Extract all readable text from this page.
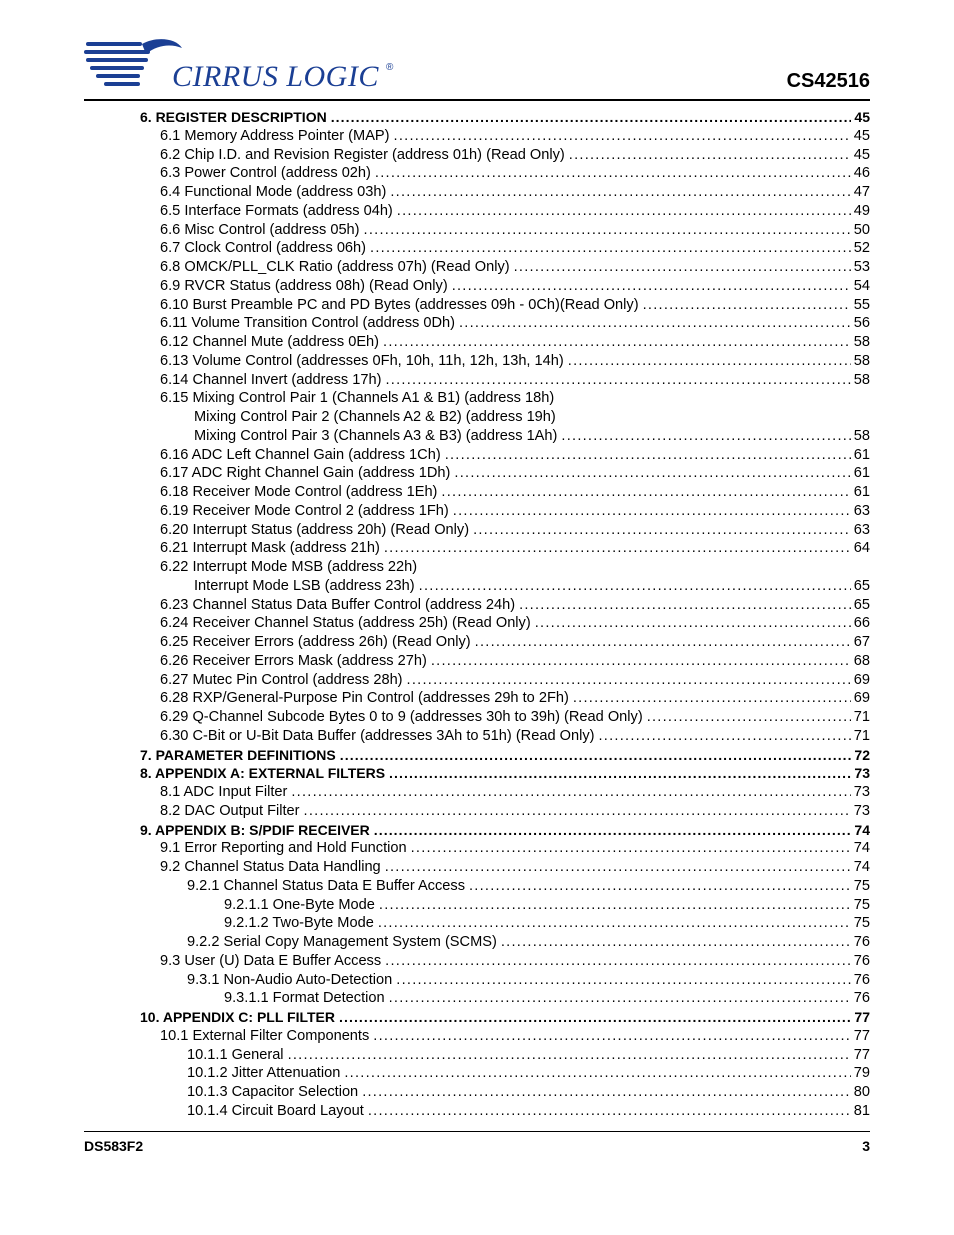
CIRRUS LOGIC ®
CS42516
6. REGISTER DESCRIPTION . . .	45
6.1 Memory Address Pointer (MAP) . . .	45
6.2 Chip I.D. and Revision Register (address 01h) (Read Only) . . .	45
6.3 Power Control (address 02h) . . .	46
6.4 Functional Mode (address 03h) . . .	47
6.5 Interface Formats (address 04h) . . .	49
6.6 Misc Control (address 05h) . . .	50
6.7 Clock Control (address 06h) . . .	52
6.8 OMCK/PLL_CLK Ratio (address 07h) (Read Only) . . .	53
6.9 RVCR Status (address 08h) (Read Only) . . .	54
6.10 Burst Preamble PC and PD Bytes (addresses 09h - 0Ch)(Read Only) . . .	55
6.11 Volume Transition Control (address 0Dh) . . .	56
6.12 Channel Mute (address 0Eh) . . .	58
6.13 Volume Control (addresses 0Fh, 10h, 11h, 12h, 13h, 14h) . . .	58
6.14 Channel Invert (address 17h) . . .	58
6.15 Mixing Control Pair 1 (Channels A1 & B1) (address 18h)
Mixing Control Pair 2 (Channels A2 & B2) (address 19h)
Mixing Control Pair 3 (Channels A3 & B3) (address 1Ah) . . .	58
6.16 ADC Left Channel Gain (address 1Ch) . . .	61
6.17 ADC Right Channel Gain (address 1Dh) . . .	61
6.18 Receiver Mode Control (address 1Eh) . . .	61
6.19 Receiver Mode Control 2 (address 1Fh) . . .	63
6.20 Interrupt Status (address 20h) (Read Only) . . .	63
6.21 Interrupt Mask (address 21h) . . .	64
6.22 Interrupt Mode MSB (address 22h)
Interrupt Mode LSB (address 23h) . . .	65
6.23 Channel Status Data Buffer Control (address 24h) . . .	65
6.24 Receiver Channel Status (address 25h) (Read Only) . . .	66
6.25 Receiver Errors (address 26h) (Read Only) . . .	67
6.26 Receiver Errors Mask (address 27h) . . .	68
6.27 Mutec Pin Control (address 28h) . . .	69
6.28 RXP/General-Purpose Pin Control (addresses 29h to 2Fh) . . .	69
6.29 Q-Channel Subcode Bytes 0 to 9 (addresses 30h to 39h) (Read Only) . . .	71
6.30 C-Bit or U-Bit Data Buffer (addresses 3Ah to 51h) (Read Only) . . .	71
7. PARAMETER DEFINITIONS . . .	72
8. APPENDIX A: EXTERNAL FILTERS . . .	73
8.1 ADC Input Filter . . .	73
8.2 DAC Output Filter . . .	73
9. APPENDIX B: S/PDIF RECEIVER . . .	74
9.1 Error Reporting and Hold Function . . .	74
9.2 Channel Status Data Handling . . .	74
9.2.1 Channel Status Data E Buffer Access . . .	75
9.2.1.1 One-Byte Mode . . .	75
9.2.1.2 Two-Byte Mode . . .	75
9.2.2 Serial Copy Management System (SCMS) . . .	76
9.3 User (U) Data E Buffer Access . . .	76
9.3.1 Non-Audio Auto-Detection . . .	76
9.3.1.1 Format Detection . . .	76
10. APPENDIX C: PLL FILTER . . .	77
10.1 External Filter Components . . .	77
10.1.1 General . . .	77
10.1.2 Jitter Attenuation . . .	79
10.1.3 Capacitor Selection . . .	80
10.1.4 Circuit Board Layout . . .	81
DS583F2	3
